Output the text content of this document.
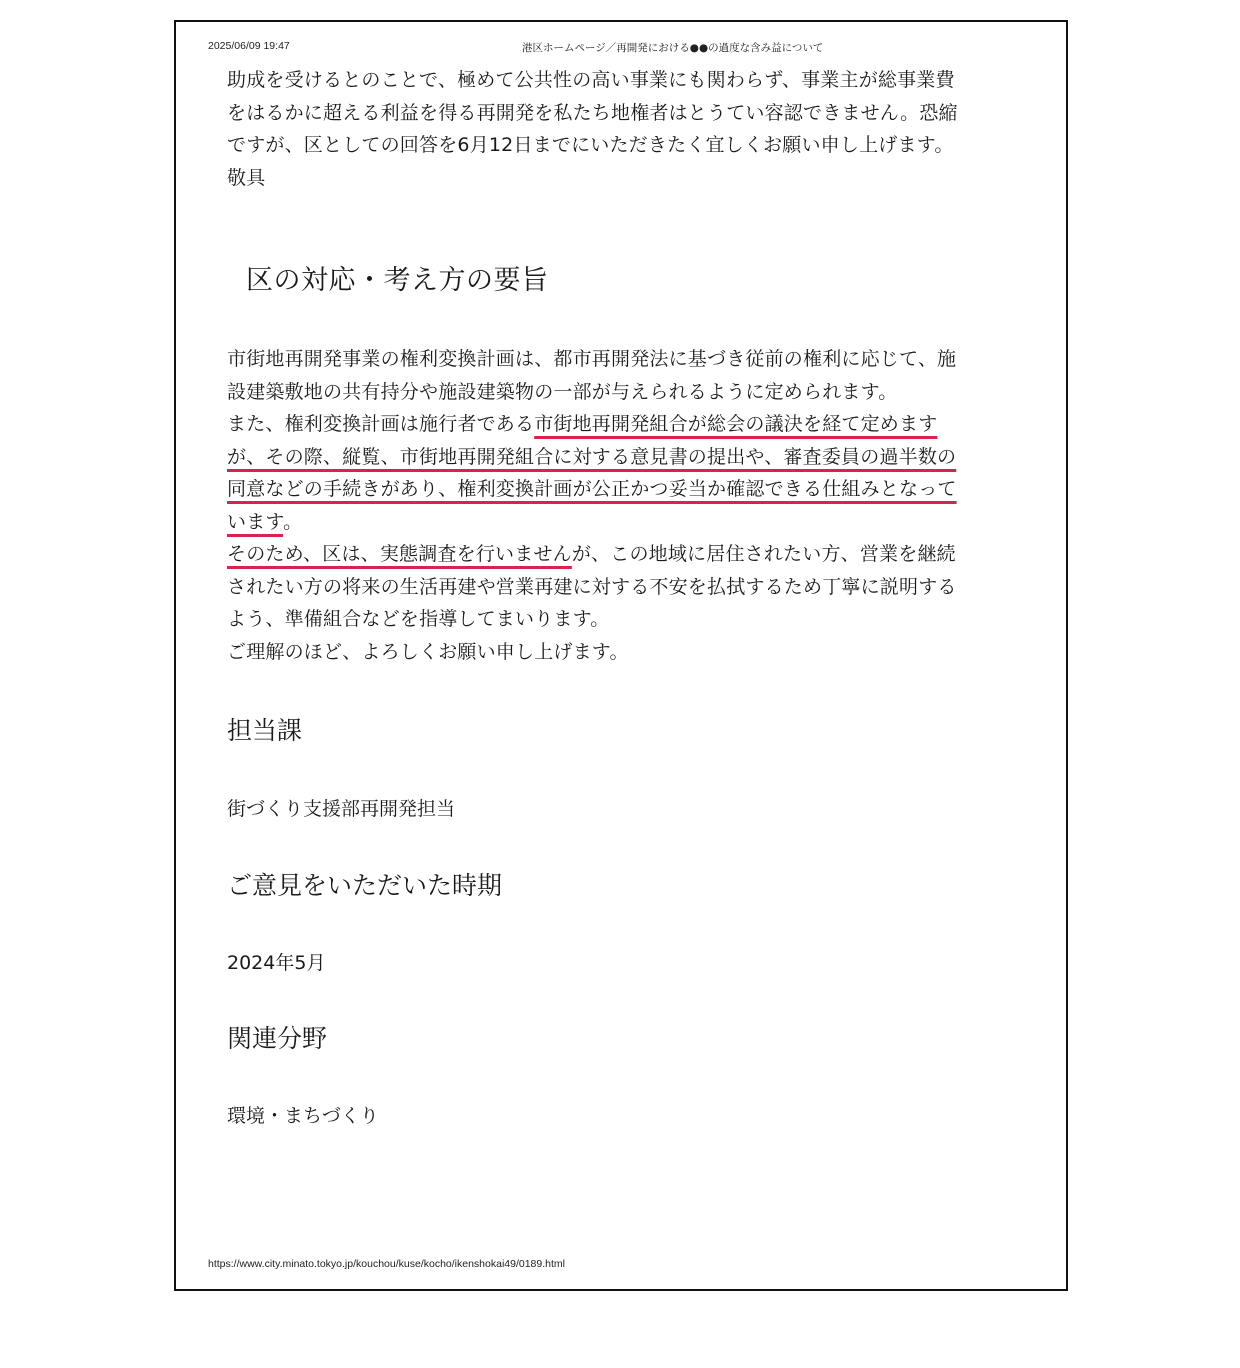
2025/06/09 19:47	港区ホームページ／再開発における●●の過度な含み益について
助成を受けるとのことで、極めて公共性の高い事業にも関わらず、事業主が総事業費
をはるかに超える利益を得る再開発を私たち地権者はとうてい容認できません。恐縮
ですが、区としての回答を6月12日までにいただきたく宜しくお願い申し上げます。
敬具
区の対応・考え方の要旨
市街地再開発事業の権利変換計画は、都市再開発法に基づき従前の権利に応じて、施
設建築敷地の共有持分や施設建築物の一部が与えられるように定められます。
また、権利変換計画は施行者である市街地再開発組合が総会の議決を経て定めます
が、その際、縦覧、市街地再開発組合に対する意見書の提出や、審査委員の過半数の
同意などの手続きがあり、権利変換計画が公正かつ妥当か確認できる仕組みとなって
います。
そのため、区は、実態調査を行いませんが、この地域に居住されたい方、営業を継続
されたい方の将来の生活再建や営業再建に対する不安を払拭するため丁寧に説明する
よう、準備組合などを指導してまいります。
ご理解のほど、よろしくお願い申し上げます。
担当課
街づくり支援部再開発担当
ご意見をいただいた時期
2024年5月
関連分野
環境・まちづくり
https://www.city.minato.tokyo.jp/kouchou/kuse/kocho/ikenshokai49/0189.html
